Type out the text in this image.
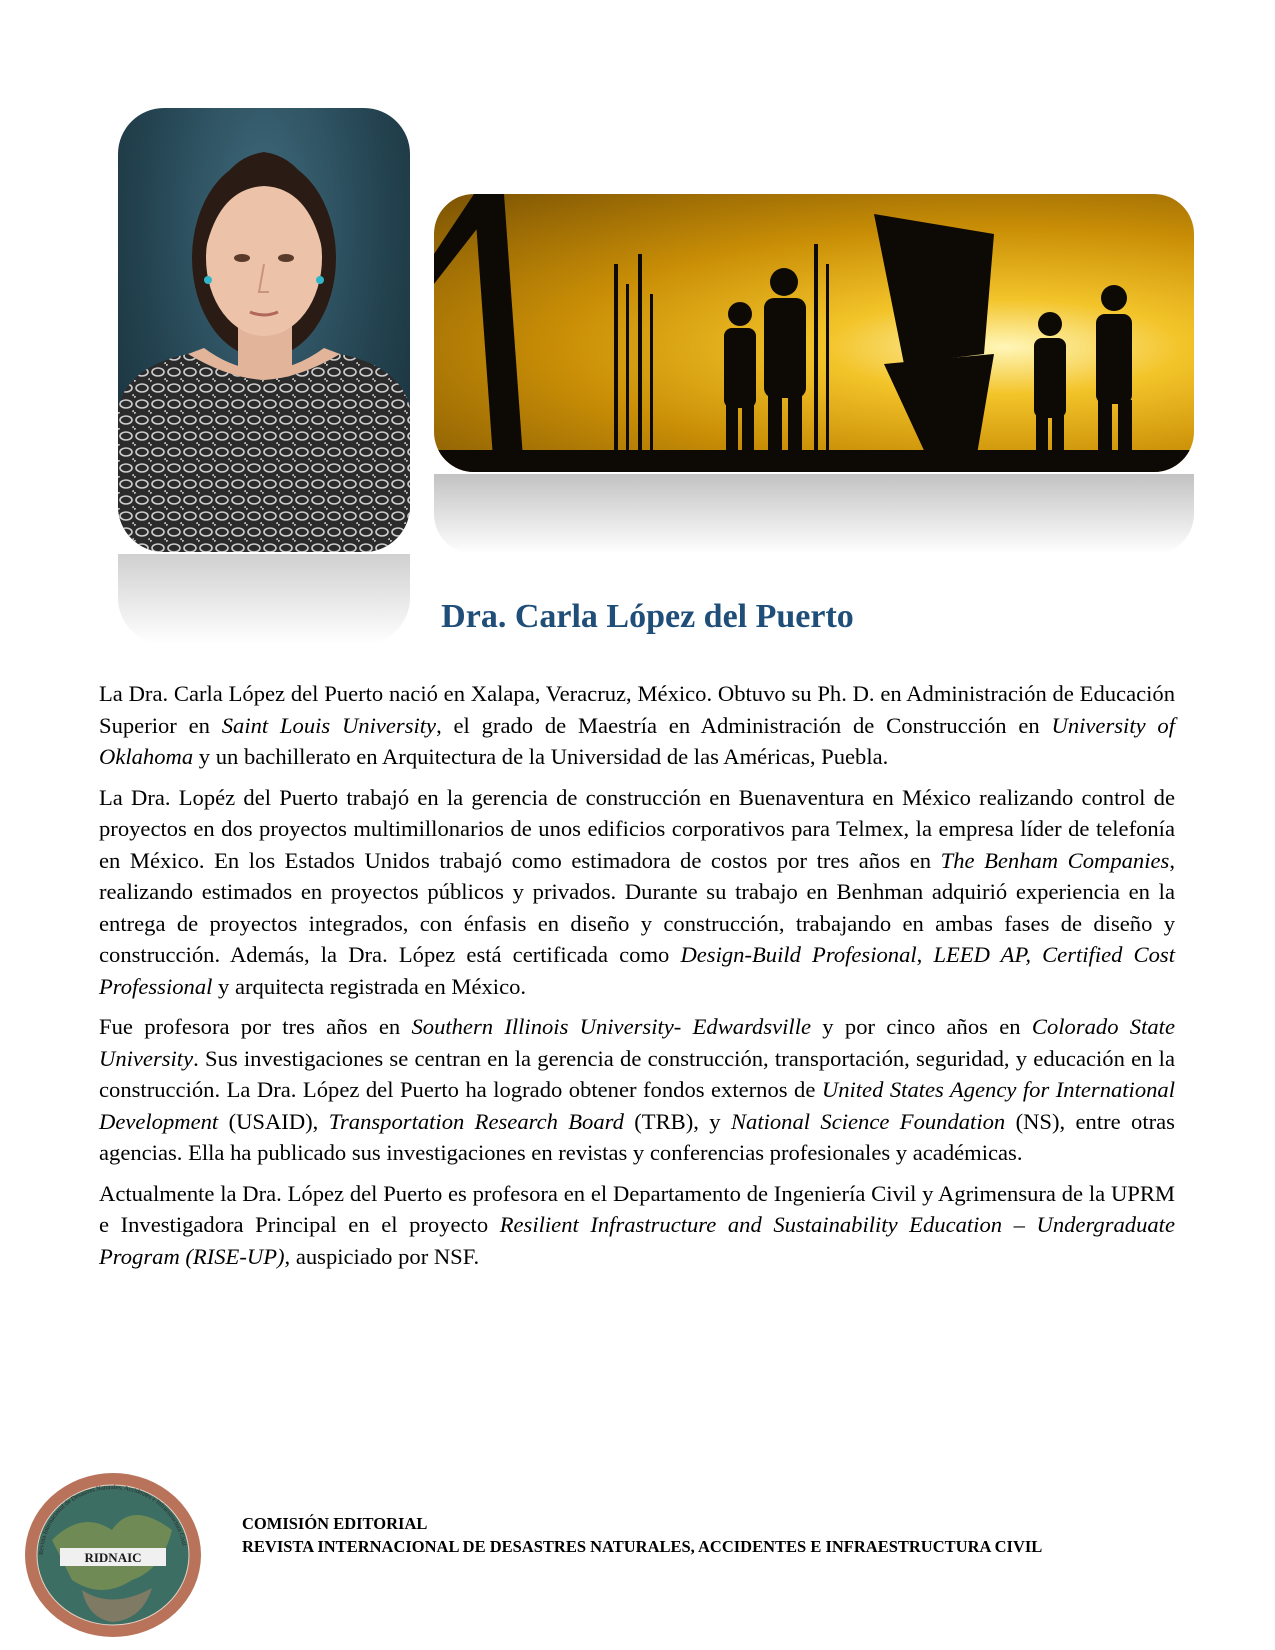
Dra. Carla López del Puerto

La Dra. Carla López del Puerto nació en Xalapa, Veracruz, México. Obtuvo su Ph. D. en Administración de Educación Superior en Saint Louis University, el grado de Maestría en Administración de Construcción en University of Oklahoma y un bachillerato en Arquitectura de la Universidad de las Américas, Puebla.

La Dra. Lopéz del Puerto trabajó en la gerencia de construcción en Buenaventura en México realizando control de proyectos en dos proyectos multimillonarios de unos edificios corporativos para Telmex, la empresa líder de telefonía en México. En los Estados Unidos trabajó como estimadora de costos por tres años en The Benham Companies, realizando estimados en proyectos públicos y privados. Durante su trabajo en Benhman adquirió experiencia en la entrega de proyectos integrados, con énfasis en diseño y construcción, trabajando en ambas fases de diseño y construcción. Además, la Dra. López está certificada como Design-Build Profesional, LEED AP, Certified Cost Professional y arquitecta registrada en México.

Fue profesora por tres años en Southern Illinois University- Edwardsville y por cinco años en Colorado State University. Sus investigaciones se centran en la gerencia de construcción, transportación, seguridad, y educación en la construcción. La Dra. López del Puerto ha logrado obtener fondos externos de United States Agency for International Development (USAID), Transportation Research Board (TRB), y National Science Foundation (NS), entre otras agencias. Ella ha publicado sus investigaciones en revistas y conferencias profesionales y académicas.

Actualmente la Dra. López del Puerto es profesora en el Departamento de Ingeniería Civil y Agrimensura de la UPRM e Investigadora Principal en el proyecto Resilient Infrastructure and Sustainability Education – Undergraduate Program (RISE-UP), auspiciado por NSF.

RIDNAIC
Revista Internacional de Desastres Naturales, Accidentes e Infraestructura Civil
COMISIÓN EDITORIAL
REVISTA INTERNACIONAL DE DESASTRES NATURALES, ACCIDENTES E INFRAESTRUCTURA CIVIL
